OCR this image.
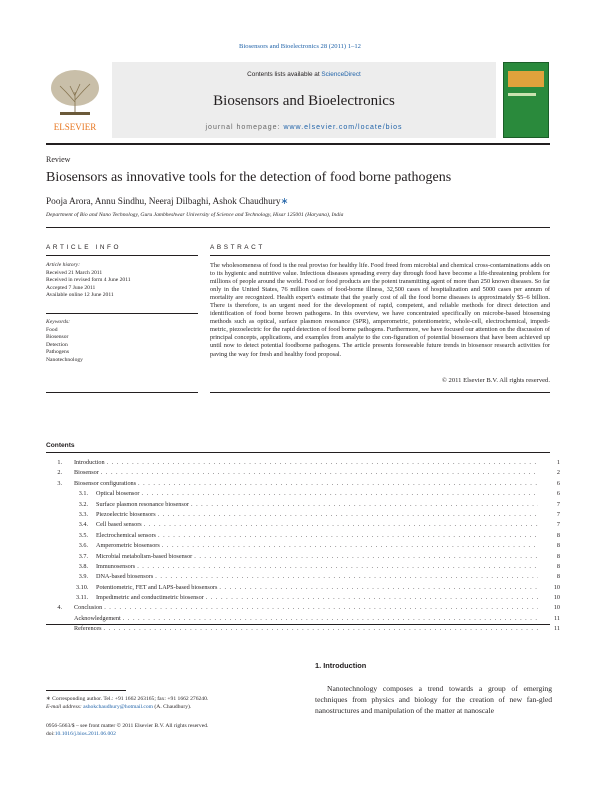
Biosensors and Bioelectronics 28 (2011) 1–12
ELSEVIER
Contents lists available at ScienceDirect
Biosensors and Bioelectronics
journal homepage: www.elsevier.com/locate/bios
Review
Biosensors as innovative tools for the detection of food borne pathogens
Pooja Arora, Annu Sindhu, Neeraj Dilbaghi, Ashok Chaudhury∗
Department of Bio and Nano Technology, Guru Jambheshwar University of Science and Technology, Hisar 125001 (Haryana), India
ARTICLE INFO	ABSTRACT
Article history:
Received 21 March 2011
Received in revised form 4 June 2011
Accepted 7 June 2011
Available online 12 June 2011
Keywords:
Food
Biosensor
Detection
Pathogens
Nanotechnology
The wholesomeness of food is the real proviso for healthy life. Food freed from microbial and chemical cross-contaminations adds on to its hygienic and nutritive value. Infectious diseases spreading every day through food have become a life-threatening problem for millions of people around the world. Food or food products are the potent transmitting agent of more than 250 known diseases. So far only in the United States, 76 million cases of food-borne illness, 32,500 cases of hospitalization and 5000 cases per annum of mortality are recognized. Health expert's estimate that the yearly cost of all the food borne diseases is approximately $5–6 billion. There is therefore, is an urgent need for the development of rapid, competent, and reliable methods for direct detection and identification of food borne brown pathogens. In this overview, we have concentrated specifically on microbe-based biosensing methods such as optical, surface plasmon resonance (SPR), amperometric, potentiometric, whole-cell, electrochemical, impedi-metric, piezoelectric for the rapid detection of food borne pathogens. Furthermore, we have focused our attention on the discussion of principal concepts, applications, and examples from analyte to the con-figuration of potential biosensors that have been achieved up until now to detect potential foodborne pathogens. The article presents foreseeable future trends in biosensor research activities for paving the way for fresh and healthy food proposal.
© 2011 Elsevier B.V. All rights reserved.
Contents
1. Introduction . . .	1
2. Biosensor . . .	2
3. Biosensor configurations . . .	6
3.1. Optical biosensor . . .	6
3.2. Surface plasmon resonance biosensor . . .	7
3.3. Piezoelectric biosensors . . .	7
3.4. Cell based sensors . . .	7
3.5. Electrochemical sensors . . .	8
3.6. Amperometric biosensors . . .	8
3.7. Microbial metabolism-based biosensor . . .	8
3.8. Immunosensors . . .	8
3.9. DNA-based biosensors . . .	8
3.10. Potentiometric, FET and LAPS-based biosensors . . .	10
3.11. Impedimetric and conductimetric biosensor . . .	10
4. Conclusion . . .	10
Acknowledgement . . .	11
References . . .	11
1. Introduction
Nanotechnology composes a trend towards a group of emerging techniques from physics and biology for the creation of new fan-gled nanostructures and manipulation of the matter at nanoscale
∗ Corresponding author. Tel.: +91 1662 263165; fax: +91 1662 276240.
E-mail address: ashokchaudhury@hotmail.com (A. Chaudhury).
0956-5663/$ – see front matter © 2011 Elsevier B.V. All rights reserved.
doi:10.1016/j.bios.2011.06.002
